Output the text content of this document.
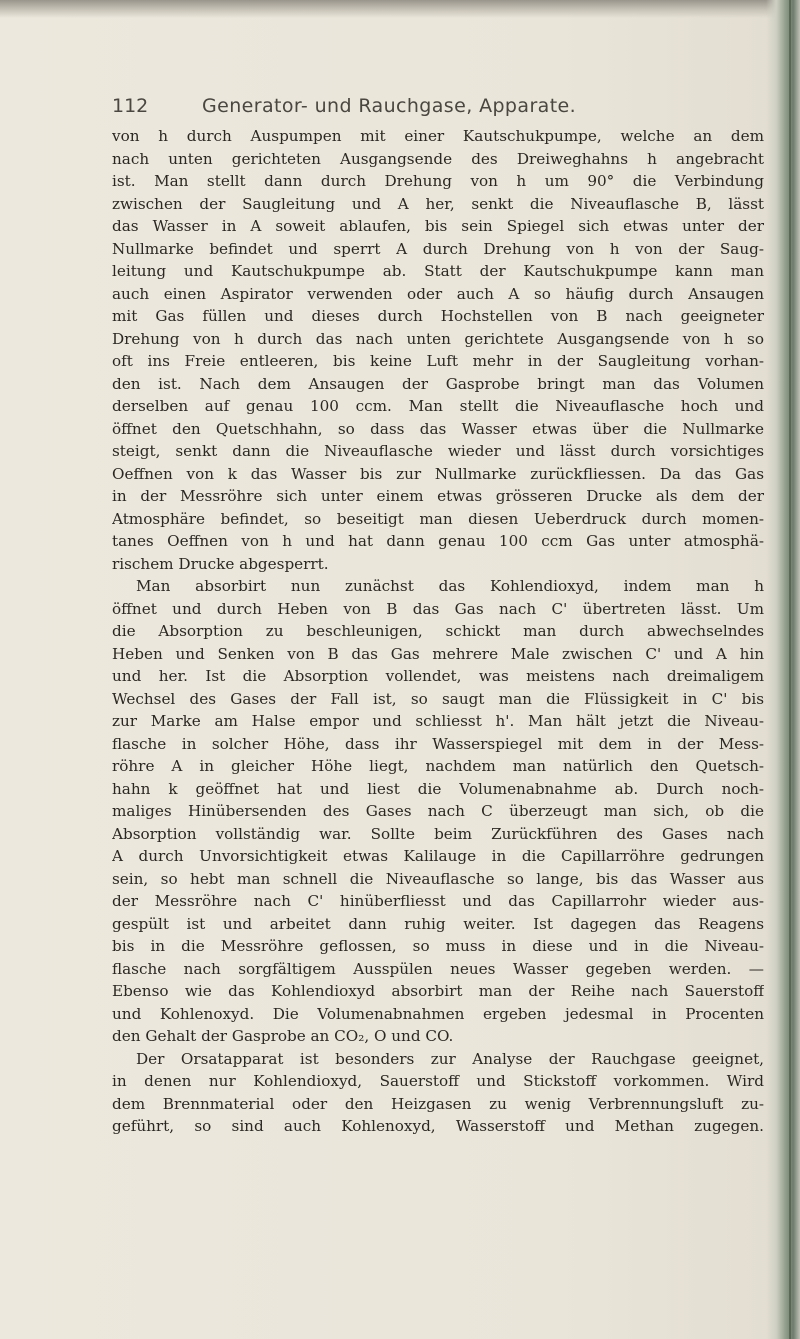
112	Generator- und Rauchgase, Apparate.
von h durch Auspumpen mit einer Kautschukpumpe, welche an dem
nach unten gerichteten Ausgangsende des Dreiweghahns h angebracht
ist. Man stellt dann durch Drehung von h um 90° die Verbindung
zwischen der Saugleitung und A her, senkt die Niveauflasche B, lässt
das Wasser in A soweit ablaufen, bis sein Spiegel sich etwas unter der
Nullmarke befindet und sperrt A durch Drehung von h von der Saug-
leitung und Kautschukpumpe ab. Statt der Kautschukpumpe kann man
auch einen Aspirator verwenden oder auch A so häufig durch Ansaugen
mit Gas füllen und dieses durch Hochstellen von B nach geeigneter
Drehung von h durch das nach unten gerichtete Ausgangsende von h so
oft ins Freie entleeren, bis keine Luft mehr in der Saugleitung vorhan-
den ist. Nach dem Ansaugen der Gasprobe bringt man das Volumen
derselben auf genau 100 ccm. Man stellt die Niveauflasche hoch und
öffnet den Quetschhahn, so dass das Wasser etwas über die Nullmarke
steigt, senkt dann die Niveauflasche wieder und lässt durch vorsichtiges
Oeffnen von k das Wasser bis zur Nullmarke zurückfliessen. Da das Gas
in der Messröhre sich unter einem etwas grösseren Drucke als dem der
Atmosphäre befindet, so beseitigt man diesen Ueberdruck durch momen-
tanes Oeffnen von h und hat dann genau 100 ccm Gas unter atmosphä-
rischem Drucke abgesperrt.
Man absorbirt nun zunächst das Kohlendioxyd, indem man h
öffnet und durch Heben von B das Gas nach C' übertreten lässt. Um
die Absorption zu beschleunigen, schickt man durch abwechselndes
Heben und Senken von B das Gas mehrere Male zwischen C' und A hin
und her. Ist die Absorption vollendet, was meistens nach dreimaligem
Wechsel des Gases der Fall ist, so saugt man die Flüssigkeit in C' bis
zur Marke am Halse empor und schliesst h'. Man hält jetzt die Niveau-
flasche in solcher Höhe, dass ihr Wasserspiegel mit dem in der Mess-
röhre A in gleicher Höhe liegt, nachdem man natürlich den Quetsch-
hahn k geöffnet hat und liest die Volumenabnahme ab. Durch noch-
maliges Hinübersenden des Gases nach C überzeugt man sich, ob die
Absorption vollständig war. Sollte beim Zurückführen des Gases nach
A durch Unvorsichtigkeit etwas Kalilauge in die Capillarröhre gedrungen
sein, so hebt man schnell die Niveauflasche so lange, bis das Wasser aus
der Messröhre nach C' hinüberfliesst und das Capillarrohr wieder aus-
gespült ist und arbeitet dann ruhig weiter. Ist dagegen das Reagens
bis in die Messröhre geflossen, so muss in diese und in die Niveau-
flasche nach sorgfältigem Ausspülen neues Wasser gegeben werden. —
Ebenso wie das Kohlendioxyd absorbirt man der Reihe nach Sauerstoff
und Kohlenoxyd. Die Volumenabnahmen ergeben jedesmal in Procenten
den Gehalt der Gasprobe an CO₂, O und CO.
Der Orsatapparat ist besonders zur Analyse der Rauchgase geeignet,
in denen nur Kohlendioxyd, Sauerstoff und Stickstoff vorkommen. Wird
dem Brennmaterial oder den Heizgasen zu wenig Verbrennungsluft zu-
geführt, so sind auch Kohlenoxyd, Wasserstoff und Methan zugegen.
